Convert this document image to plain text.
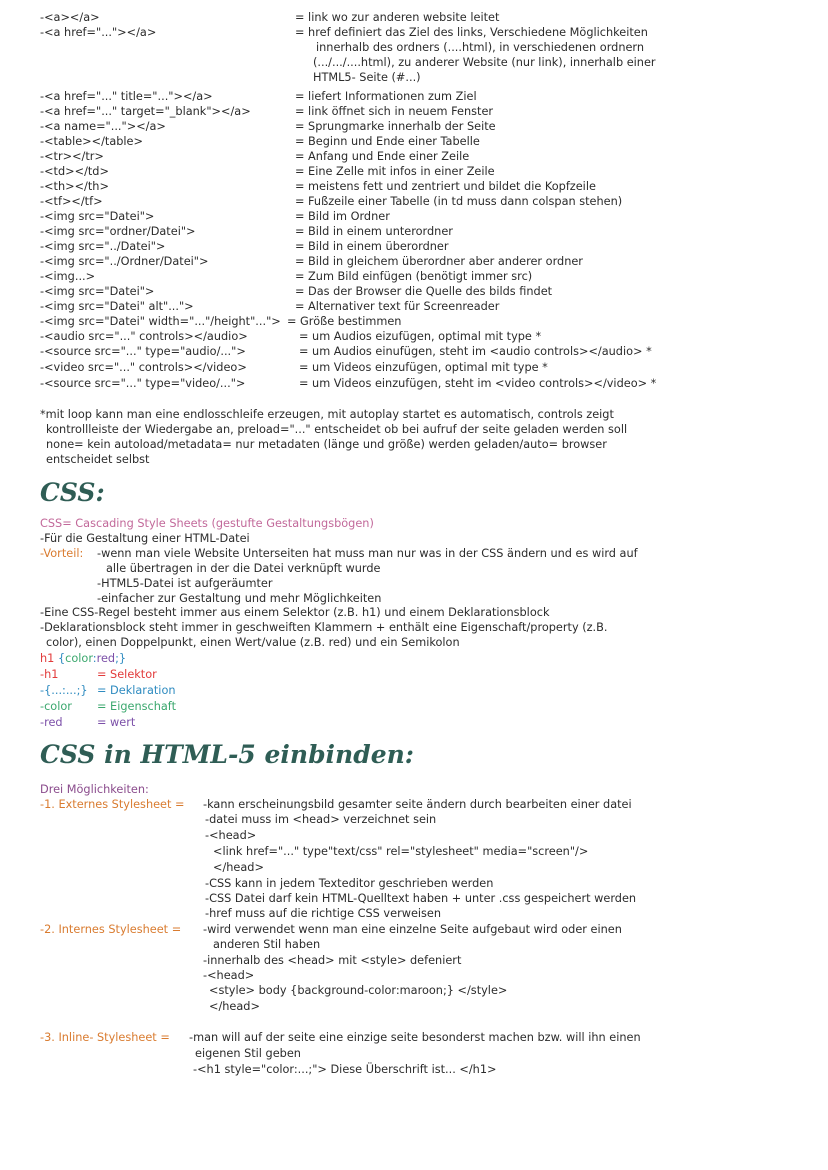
-<a></a>	= link wo zur anderen website leitet
-<a href="..."></a>	= href definiert das Ziel des links, Verschiedene Möglichkeiten
innerhalb des ordners (....html), in verschiedenen ordnern
(.../.../....html), zu anderer Website (nur link), innerhalb einer
HTML5- Seite (#...)
-<a href="..." title="..."></a>	= liefert Informationen zum Ziel
-<a href="..." target="_blank"></a>	= link öffnet sich in neuem Fenster
-<a name="..."></a>	= Sprungmarke innerhalb der Seite
-<table></table>	= Beginn und Ende einer Tabelle
-<tr></tr>	= Anfang und Ende einer Zeile
-<td></td>	= Eine Zelle mit infos in einer Zeile
-<th></th>	= meistens fett und zentriert und bildet die Kopfzeile
-<tf></tf>	= Fußzeile einer Tabelle (in td muss dann colspan stehen)
-<img src="Datei">	= Bild im Ordner
-<img src="ordner/Datei">	= Bild in einem unterordner
-<img src="../Datei">	= Bild in einem überordner
-<img src="../Ordner/Datei">	= Bild in gleichem überordner aber anderer ordner
-<img...>	= Zum Bild einfügen (benötigt immer src)
-<img src="Datei">	= Das der Browser die Quelle des bilds findet
-<img src="Datei" alt"...">	= Alternativer text für Screenreader
-<img src="Datei" width="..."/height"..."> = Größe bestimmen
-<audio src="..." controls></audio>	= um Audios eizufügen, optimal mit type *
-<source src="..." type="audio/...">	= um Audios einufügen, steht im <audio controls></audio> *
-<video src="..." controls></video>	= um Videos einzufügen, optimal mit type *
-<source src="..." type="video/...">	= um Videos einzufügen, steht im <video controls></video> *
*mit loop kann man eine endlosschleife erzeugen, mit autoplay startet es automatisch, controls zeigt
kontrollleiste der Wiedergabe an, preload="..." entscheidet ob bei aufruf der seite geladen werden soll
none= kein autoload/metadata= nur metadaten (länge und größe) werden geladen/auto= browser
entscheidet selbst
CSS:
CSS= Cascading Style Sheets (gestufte Gestaltungsbögen)
-Für die Gestaltung einer HTML-Datei
-Vorteil: -wenn man viele Website Unterseiten hat muss man nur was in der CSS ändern und es wird auf
alle übertragen in der die Datei verknüpft wurde
-HTML5-Datei ist aufgeräumter
-einfacher zur Gestaltung und mehr Möglichkeiten
-Eine CSS-Regel besteht immer aus einem Selektor (z.B. h1) und einem Deklarationsblock
-Deklarationsblock steht immer in geschweiften Klammern + enthält eine Eigenschaft/property (z.B.
color), einen Doppelpunkt, einen Wert/value (z.B. red) und ein Semikolon
h1 {color:red;}
-h1	= Selektor
-{...:...;} = Deklaration
-color = Eigenschaft
-red	= wert
CSS in HTML-5 einbinden:
Drei Möglichkeiten:
-1. Externes Stylesheet = -kann erscheinungsbild gesamter seite ändern durch bearbeiten einer datei
-datei muss im <head> verzeichnet sein
-<head>
<link href="..." type"text/css" rel="stylesheet" media="screen"/>
</head>
-CSS kann in jedem Texteditor geschrieben werden
-CSS Datei darf kein HTML-Quelltext haben + unter .css gespeichert werden
-href muss auf die richtige CSS verweisen
-2. Internes Stylesheet = -wird verwendet wenn man eine einzelne Seite aufgebaut wird oder einen
anderen Stil haben
-innerhalb des <head> mit <style> defeniert
-<head>
<style> body {background-color:maroon;} </style>
</head>
-3. Inline- Stylesheet = -man will auf der seite eine einzige seite besonderst machen bzw. will ihn einen
eigenen Stil geben
-<h1 style="color:...;"> Diese Überschrift ist... </h1>
